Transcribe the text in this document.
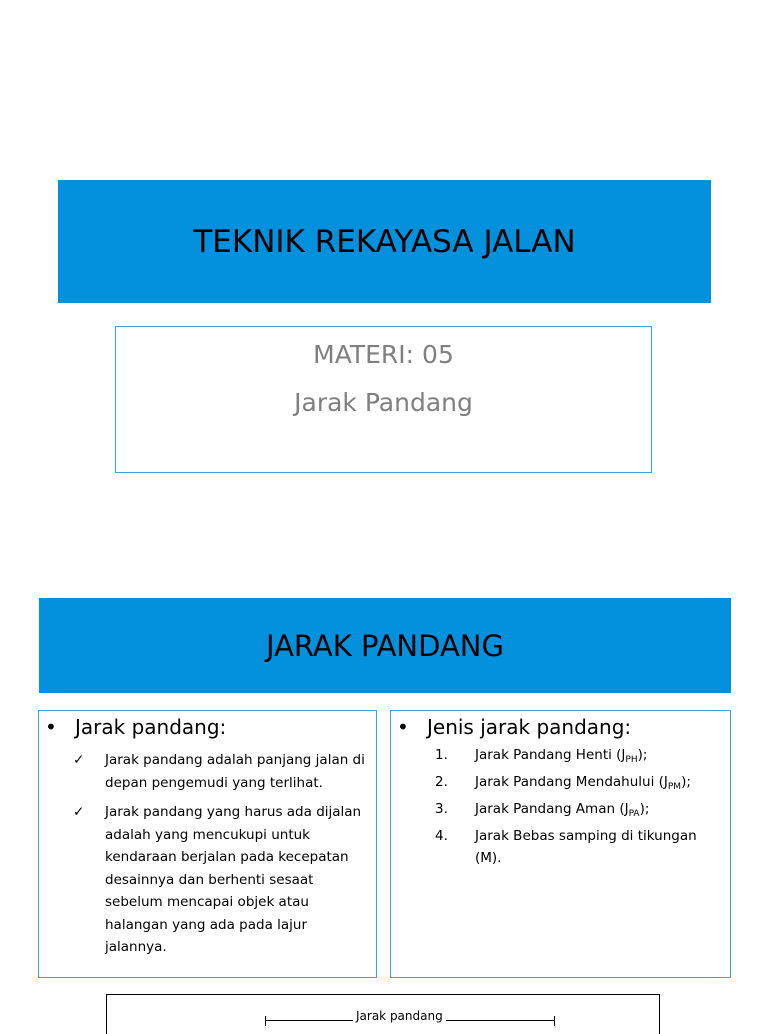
TEKNIK REKAYASA JALAN
MATERI: 05
Jarak Pandang
JARAK PANDANG
• Jarak pandang:
✓	Jarak pandang adalah panjang jalan di depan pengemudi yang terlihat.
✓	Jarak pandang yang harus ada dijalan adalah yang mencukupi untuk kendaraan berjalan pada kecepatan desainnya dan berhenti sesaat sebelum mencapai objek atau halangan yang ada pada lajur jalannya.
• Jenis jarak pandang:
1.	Jarak Pandang Henti $(J_{PH})$;
2.	Jarak Pandang Mendahului $(J_{PM})$;
3.	Jarak Pandang Aman $(J_{PA})$;
4.	Jarak Bebas samping di tikungan (M).
Jarak pandang
